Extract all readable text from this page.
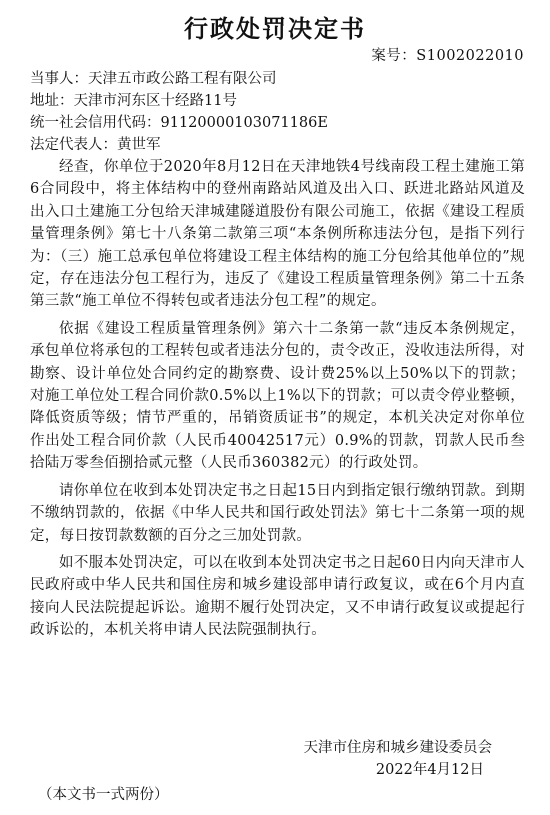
行政处罚决定书
案号：S1002022010
当事人：天津五市政公路工程有限公司
地址：天津市河东区十经路11号
统一社会信用代码：91120000103071186E
法定代表人：黄世军

经查，你单位于2020年8月12日在天津地铁4号线南段工程土建施工第6合同段中，将主体结构中的登州南路站风道及出入口、跃进北路站风道及出入口土建施工分包给天津城建隧道股份有限公司施工，依据《建设工程质量管理条例》第七十八条第二款第三项“本条例所称违法分包，是指下列行为：（三）施工总承包单位将建设工程主体结构的施工分包给其他单位的”规定，存在违法分包工程行为，违反了《建设工程质量管理条例》第二十五条第三款“施工单位不得转包或者违法分包工程”的规定。

依据《建设工程质量管理条例》第六十二条第一款“违反本条例规定，承包单位将承包的工程转包或者违法分包的，责令改正，没收违法所得，对勘察、设计单位处合同约定的勘察费、设计费25%以上50%以下的罚款；对施工单位处工程合同价款0.5%以上1%以下的罚款；可以责令停业整顿，降低资质等级；情节严重的，吊销资质证书”的规定，本机关决定对你单位作出处工程合同价款（人民币40042517元）0.9%的罚款，罚款人民币叁拾陆万零叁佰捌拾贰元整（人民币360382元）的行政处罚。

请你单位在收到本处罚决定书之日起15日内到指定银行缴纳罚款。到期不缴纳罚款的，依据《中华人民共和国行政处罚法》第七十二条第一项的规定，每日按罚款数额的百分之三加处罚款。

如不服本处罚决定，可以在收到本处罚决定书之日起60日内向天津市人民政府或中华人民共和国住房和城乡建设部申请行政复议，或在6个月内直接向人民法院提起诉讼。逾期不履行处罚决定，又不申请行政复议或提起行政诉讼的，本机关将申请人民法院强制执行。

天津市住房和城乡建设委员会
2022年4月12日
（本文书一式两份）
